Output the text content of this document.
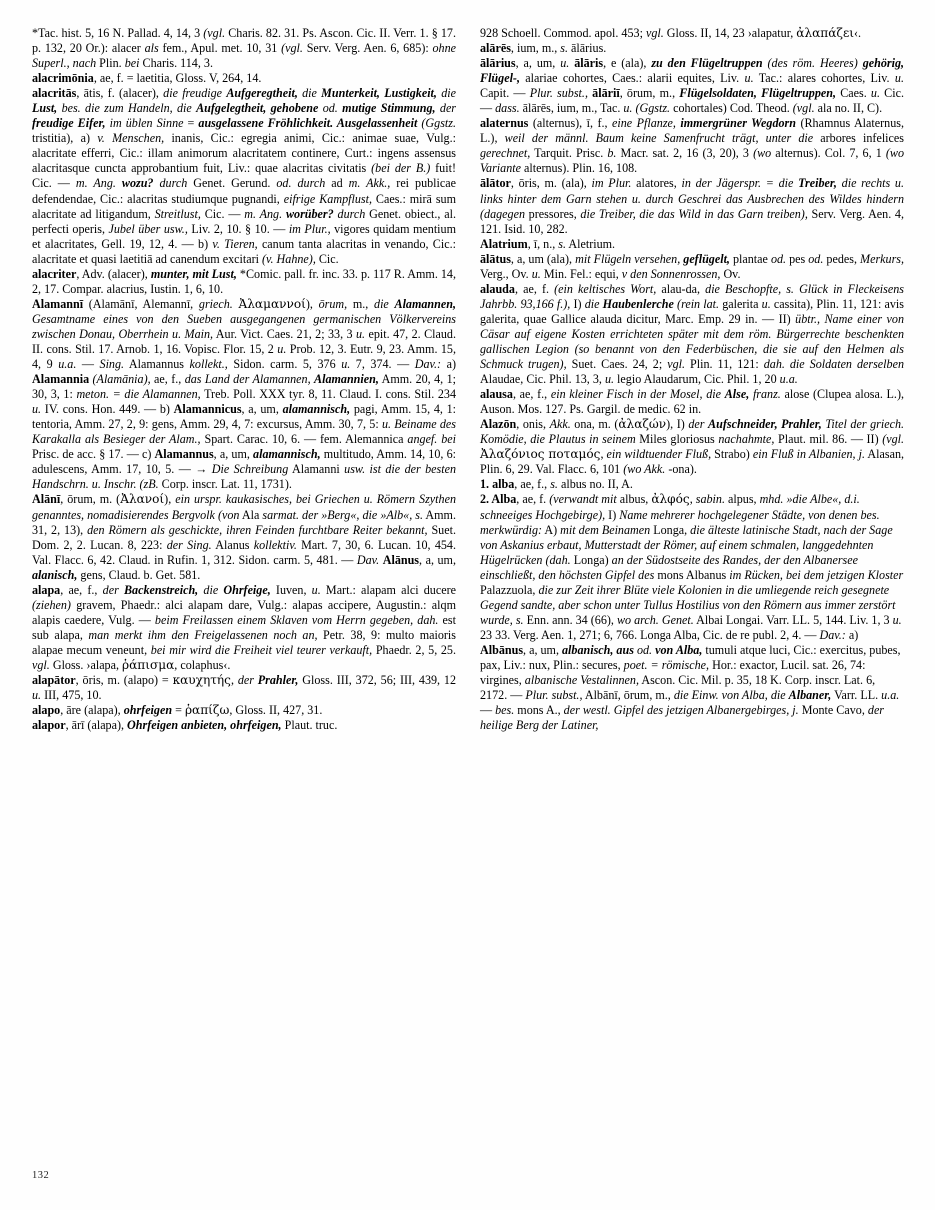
*Tac. hist. 5, 16 N. Pallad. 4, 14, 3 (vgl. Charis. 82. 31. Ps. Ascon. Cic. II. Verr. 1. § 17. p. 132, 20 Or.): alacer als fem., Apul. met. 10, 31 (vgl. Serv. Verg. Aen. 6, 685): ohne Superl., nach Plin. bei Charis. 114, 3.

alacrimōnia, ae, f. = laetitia, Gloss. V, 264, 14.

alacritās, ātis, f. (alacer), die freudige Aufgeregtheit, die Munterkeit, Lustigkeit, die Lust, bes. die zum Handeln, die Aufgelegtheit, gehobene od. mutige Stimmung, der freudige Eifer, im üblen Sinne = ausgelassene Fröhlichkeit. Ausgelassenheit (Ggstz. tristitia), a) v. Menschen, inanis, Cic.: egregia animi, Cic.: animae suae, Vulg.: alacritate efferri, Cic.: illam animorum alacritatem continere, Curt.: ingens assensus alacritasque cuncta approbantium fuit, Liv.: quae alacritas civitatis (bei der B.) fuit! Cic. — m. Ang. wozu? durch Genet. Gerund. od. durch ad m. Akk., rei publicae defendendae, Cic.: alacritas studiumque pugnandi, eifrige Kampflust, Caes.: mirā sum alacritate ad litigandum, Streitlust, Cic. — m. Ang. worüber? durch Genet. obiect., al. perfecti operis, Jubel über usw., Liv. 2, 10. § 10. — im Plur., vigores quidam mentium et alacritates, Gell. 19, 12, 4. — b) v. Tieren, canum tanta alacritas in venando, Cic.: alacritate et quasi laetitiā ad canendum excitari (v. Hahne), Cic.

alacriter, Adv. (alacer), munter, mit Lust, *Comic. pall. fr. inc. 33. p. 117 R. Amm. 14, 2, 17. Compar. alacrius, Iustin. 1, 6, 10.

Alamannī (Alamānī, Alemannī, griech. Ἀλαμαννοί), ōrum, m., die Alamannen, Gesamtname eines von den Sueben ausgegangenen germanischen Völkervereins zwischen Donau, Oberrhein u. Main, Aur. Vict. Caes. 21, 2; 33, 3 u. epit. 47, 2. Claud. II. cons. Stil. 17. Arnob. 1, 16. Vopisc. Flor. 15, 2 u. Prob. 12, 3. Eutr. 9, 23. Amm. 15, 4, 9 u.a. — Sing. Alamannus kollekt., Sidon. carm. 5, 376 u. 7, 374. — Dav.: a) Alamannia (Alamānia), ae, f., das Land der Alamannen, Alamannien, Amm. 20, 4, 1; 30, 3, 1: meton. = die Alamannen, Treb. Poll. XXX tyr. 8, 11. Claud. I. cons. Stil. 234 u. IV. cons. Hon. 449. — b) Alamannicus, a, um, alamannisch, pagi, Amm. 15, 4, 1: tentoria, Amm. 27, 2, 9: gens, Amm. 29, 4, 7: excursus, Amm. 30, 7, 5: u. Beiname des Karakalla als Besieger der Alam., Spart. Carac. 10, 6. — fem. Alemannica angef. bei Prisc. de acc. § 17. — c) Alamannus, a, um, alamannisch, multitudo, Amm. 14, 10, 6: adulescens, Amm. 17, 10, 5. — → Die Schreibung Alamanni usw. ist die der besten Handschrn. u. Inschr. (zB. Corp. inscr. Lat. 11, 1731).

Alānī, ōrum, m. (Ἀλανοί), ein urspr. kaukasisches, bei Griechen u. Römern Szythen genanntes, nomadisierendes Bergvolk (von Ala sarmat. der »Berg«, die »Alb«, s. Amm. 31, 2, 13), den Römern als geschickte, ihren Feinden furchtbare Reiter bekannt, Suet. Dom. 2, 2. Lucan. 8, 223: der Sing. Alanus kollektiv. Mart. 7, 30, 6. Lucan. 10, 454. Val. Flacc. 6, 42. Claud. in Rufin. 1, 312. Sidon. carm. 5, 481. — Dav. Alānus, a, um, alanisch, gens, Claud. b. Get. 581.

alapa, ae, f., der Backenstreich, die Ohrfeige, Iuven, u. Mart.: alapam alci ducere (ziehen) gravem, Phaedr.: alci alapam dare, Vulg.: alapas accipere, Augustin.: alqm alapis caedere, Vulg. — beim Freilassen einem Sklaven vom Herrn gegeben, dah. est sub alapa, man merkt ihm den Freigelassenen noch an, Petr. 38, 9: multo maioris alapae mecum veneunt, bei mir wird die Freiheit viel teurer verkauft, Phaedr. 2, 5, 25. vgl. Gloss. ›alapa, ῥάπισμα, colaphus‹.

alapātor, ōris, m. (alapo) = καυχητής, der Prahler, Gloss. III, 372, 56; III, 439, 12 u. III, 475, 10.

alapo, āre (alapa), ohrfeigen = ῥαπίζω, Gloss. II, 427, 31.

alapor, ārī (alapa), Ohrfeigen anbieten, ohrfeigen, Plaut. truc.

928 Schoell. Commod. apol. 453; vgl. Gloss. II, 14, 23 ›alapatur, ἀλαπάζει‹.

alārēs, ium, m., s. ālārius.

ālārius, a, um, u. ālāris, e (ala), zu den Flügeltruppen (des röm. Heeres) gehörig, Flügel-, alariae cohortes, Caes.: alarii equites, Liv. u. Tac.: alares cohortes, Liv. u. Capit. — Plur. subst., ālāriī, ōrum, m., Flügelsoldaten, Flügeltruppen, Caes. u. Cic. — dass. ālārēs, ium, m., Tac. u. (Ggstz. cohortales) Cod. Theod. (vgl. ala no. II, C).

alaternus (alternus), ī, f., eine Pflanze, immergrüner Wegdorn (Rhamnus Alaternus, L.), weil der männl. Baum keine Samenfrucht trägt, unter die arbores infelices gerechnet, Tarquit. Prisc. b. Macr. sat. 2, 16 (3, 20), 3 (wo alternus). Col. 7, 6, 1 (wo Variante alternus). Plin. 16, 108.

ālātor, ōris, m. (ala), im Plur. alatores, in der Jägerspr. = die Treiber, die rechts u. links hinter dem Garn stehen u. durch Geschrei das Ausbrechen des Wildes hindern (dagegen pressores, die Treiber, die das Wild in das Garn treiben), Serv. Verg. Aen. 4, 121. Isid. 10, 282.

Alatrium, ī, n., s. Aletrium.

ālātus, a, um (ala), mit Flügeln versehen, geflügelt, plantae od. pes od. pedes, Merkurs, Verg., Ov. u. Min. Fel.: equi, v den Sonnenrossen, Ov.

alauda, ae, f. (ein keltisches Wort, alau-da, die Beschopfte, s. Glück in Fleckeisens Jahrbb. 93,166 f.), I) die Haubenlerche (rein lat. galerita u. cassita), Plin. 11, 121: avis galerita, quae Gallice alauda dicitur, Marc. Emp. 29 in. — II) übtr., Name einer von Cäsar auf eigene Kosten errichteten später mit dem röm. Bürgerrechte beschenkten gallischen Legion (so benannt von den Federbüschen, die sie auf den Helmen als Schmuck trugen), Suet. Caes. 24, 2; vgl. Plin. 11, 121: dah. die Soldaten derselben Alaudae, Cic. Phil. 13, 3, u. legio Alaudarum, Cic. Phil. 1, 20 u.a.

alausa, ae, f., ein kleiner Fisch in der Mosel, die Alse, franz. alose (Clupea alosa. L.), Auson. Mos. 127. Ps. Gargil. de medic. 62 in.

Alazōn, onis, Akk. ona, m. (ἀλαζών), I) der Aufschneider, Prahler, Titel der griech. Komödie, die Plautus in seinem Miles gloriosus nachahmte, Plaut. mil. 86. — II) (vgl. Ἀλαζόνιος ποταμός, ein wildtuender Fluß, Strabo) ein Fluß in Albanien, j. Alasan, Plin. 6, 29. Val. Flacc. 6, 101 (wo Akk. -ona).

1. alba, ae, f., s. albus no. II, A.

2. Alba, ae, f. (verwandt mit albus, ἀλφός, sabin. alpus, mhd. »die Albe«, d.i. schneeiges Hochgebirge), I) Name mehrerer hochgelegener Städte, von denen bes. merkwürdig: A) mit dem Beinamen Longa, die älteste latinische Stadt, nach der Sage von Askanius erbaut, Mutterstadt der Römer, auf einem schmalen, langgedehnten Hügelrücken (dah. Longa) an der Südostseite des Randes, der den Albanersee einschließt, den höchsten Gipfel des mons Albanus im Rücken, bei dem jetzigen Kloster Palazzuola, die zur Zeit ihrer Blüte viele Kolonien in die umliegende reich gesegnete Gegend sandte, aber schon unter Tullus Hostilius von den Römern aus immer zerstört wurde, s. Enn. ann. 34 (66), wo arch. Genet. Albai Longai. Varr. LL. 5, 144. Liv. 1, 3 u. 23 33. Verg. Aen. 1, 271; 6, 766. Longa Alba, Cic. de re publ. 2, 4. — Dav.: a) Albānus, a, um, albanisch, aus od. von Alba, tumuli atque luci, Cic.: exercitus, pubes, pax, Liv.: nux, Plin.: secures, poet. = römische, Hor.: exactor, Lucil. sat. 26, 74: virgines, albanische Vestalinnen, Ascon. Cic. Mil. p. 35, 18 K. Corp. inscr. Lat. 6, 2172. — Plur. subst., Albānī, ōrum, m., die Einw. von Alba, die Albaner, Varr. LL. u.a. — bes. mons A., der westl. Gipfel des jetzigen Albanergebirges, j. Monte Cavo, der heilige Berg der Latiner,

132
